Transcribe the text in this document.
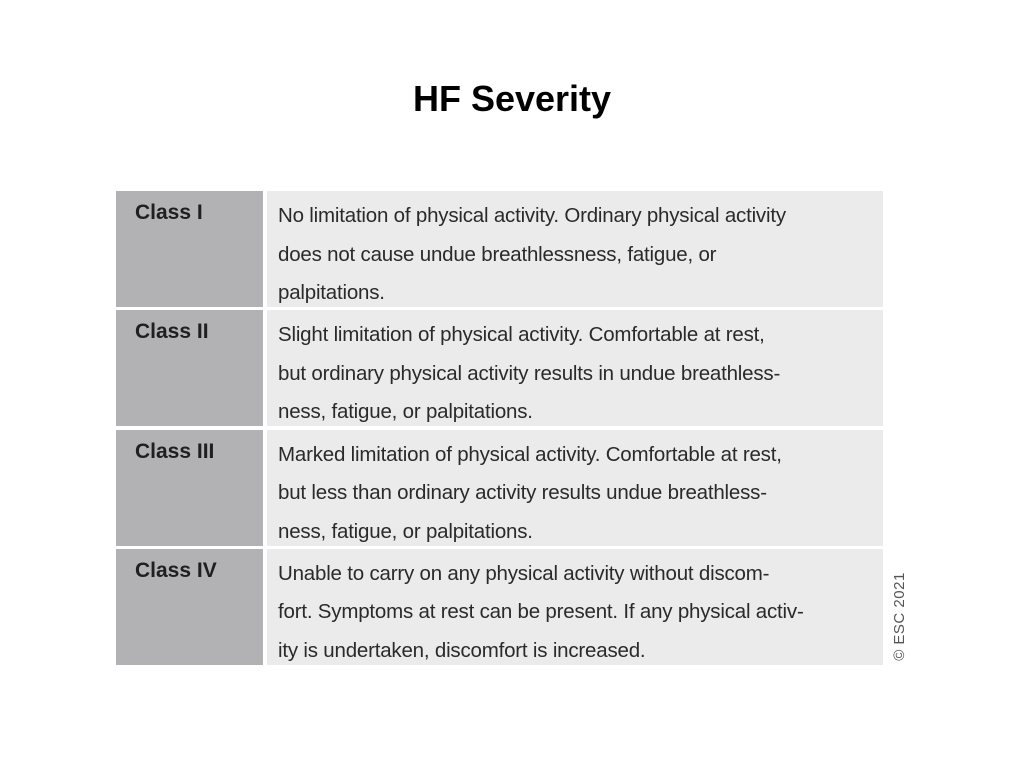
HF Severity
Class I	No limitation of physical activity. Ordinary physical activity
does not cause undue breathlessness, fatigue, or
palpitations.
Class II	Slight limitation of physical activity. Comfortable at rest,
but ordinary physical activity results in undue breathless-
ness, fatigue, or palpitations.
Class III	Marked limitation of physical activity. Comfortable at rest,
but less than ordinary activity results undue breathless-
ness, fatigue, or palpitations.
Class IV	Unable to carry on any physical activity without discom-
fort. Symptoms at rest can be present. If any physical activ-
ity is undertaken, discomfort is increased.	© ESC 2021
